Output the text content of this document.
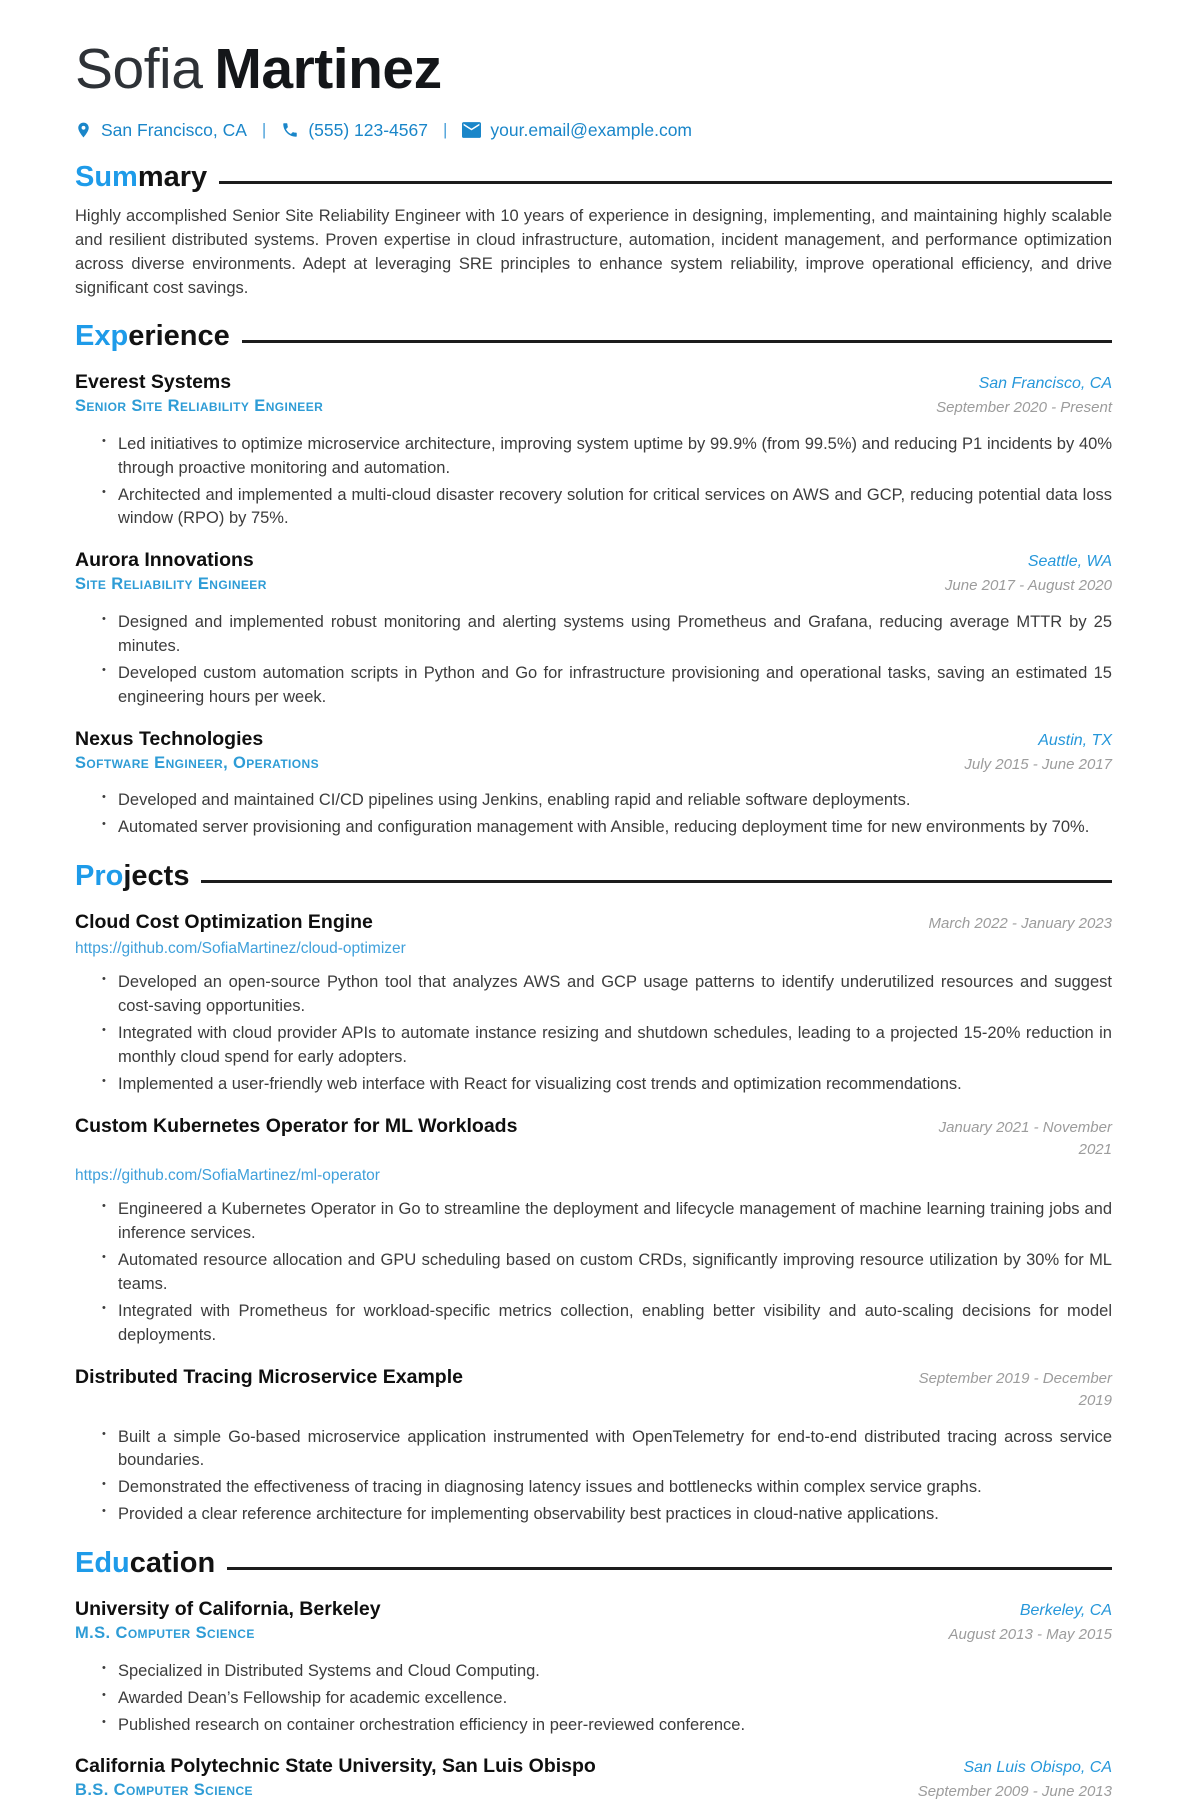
Sofia Martinez
San Francisco, CA | (555) 123-4567 | your.email@example.com
Sum mary

Highly accomplished Senior Site Reliability Engineer with 10 years of experience in designing, implementing, and maintaining highly scalable and resilient distributed systems. Proven expertise in cloud infrastructure, automation, incident management, and performance optimization across diverse environments. Adept at leveraging SRE principles to enhance system reliability, improve operational efficiency, and drive significant cost savings.

Exp erience
Everest Systems	San Francisco, CA
Senior Site Reliability Engineer	September 2020 - Present
• Led initiatives to optimize microservice architecture, improving system uptime by 99.9% (from 99.5%) and reducing P1 incidents by 40% through proactive monitoring and automation.
• Architected and implemented a multi-cloud disaster recovery solution for critical services on AWS and GCP, reducing potential data loss window (RPO) by 75%.
Aurora Innovations	Seattle, WA
Site Reliability Engineer	June 2017 - August 2020
• Designed and implemented robust monitoring and alerting systems using Prometheus and Grafana, reducing average MTTR by 25 minutes.
• Developed custom automation scripts in Python and Go for infrastructure provisioning and operational tasks, saving an estimated 15 engineering hours per week.
Nexus Technologies	Austin, TX
Software Engineer, Operations	July 2015 - June 2017
• Developed and maintained CI/CD pipelines using Jenkins, enabling rapid and reliable software deployments.
• Automated server provisioning and configuration management with Ansible, reducing deployment time for new environments by 70%.
Pro jects
Cloud Cost Optimization Engine	March 2022 - January 2023
https://github.com/SofiaMartinez/cloud-optimizer
• Developed an open-source Python tool that analyzes AWS and GCP usage patterns to identify underutilized resources and suggest cost-saving opportunities.
• Integrated with cloud provider APIs to automate instance resizing and shutdown schedules, leading to a projected 15-20% reduction in monthly cloud spend for early adopters.
• Implemented a user-friendly web interface with React for visualizing cost trends and optimization recommendations.
Custom Kubernetes Operator for ML Workloads	January 2021 - November 2021
https://github.com/SofiaMartinez/ml-operator
• Engineered a Kubernetes Operator in Go to streamline the deployment and lifecycle management of machine learning training jobs and inference services.
• Automated resource allocation and GPU scheduling based on custom CRDs, significantly improving resource utilization by 30% for ML teams.
• Integrated with Prometheus for workload-specific metrics collection, enabling better visibility and auto-scaling decisions for model deployments.
Distributed Tracing Microservice Example	September 2019 - December 2019
• Built a simple Go-based microservice application instrumented with OpenTelemetry for end-to-end distributed tracing across service boundaries.
• Demonstrated the effectiveness of tracing in diagnosing latency issues and bottlenecks within complex service graphs.
• Provided a clear reference architecture for implementing observability best practices in cloud-native applications.
Edu cation
University of California, Berkeley	Berkeley, CA
M.S. Computer Science	August 2013 - May 2015
• Specialized in Distributed Systems and Cloud Computing.
• Awarded Dean’s Fellowship for academic excellence.
• Published research on container orchestration efficiency in peer-reviewed conference.
California Polytechnic State University, San Luis Obispo	San Luis Obispo, CA
B.S. Computer Science	September 2009 - June 2013
